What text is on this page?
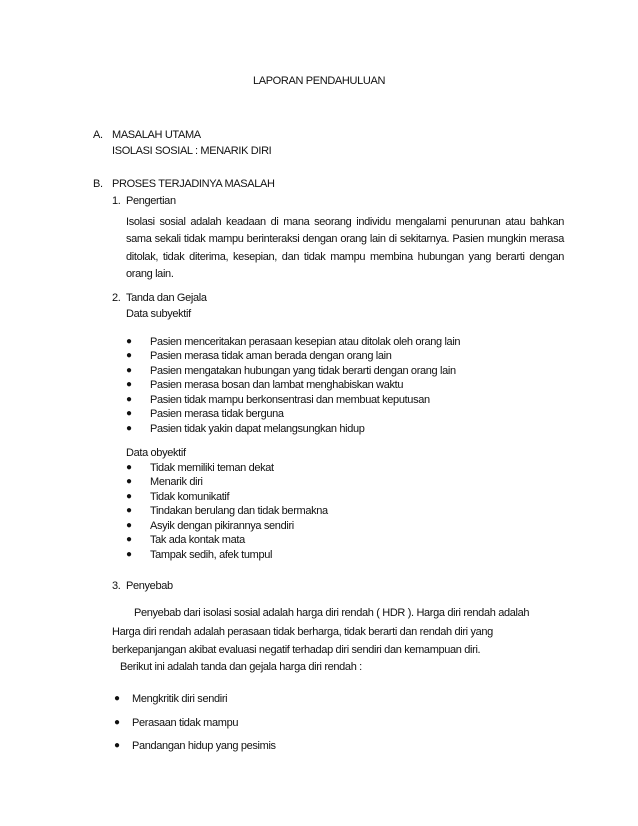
LAPORAN PENDAHULUAN
A. MASALAH UTAMA
ISOLASI SOSIAL : MENARIK DIRI
B. PROSES TERJADINYA MASALAH
1. Pengertian
Isolasi sosial adalah keadaan di mana seorang individu mengalami penurunan atau bahkan sama sekali tidak mampu berinteraksi dengan orang lain di sekitarnya. Pasien mungkin merasa ditolak, tidak diterima, kesepian, dan tidak mampu membina hubungan yang berarti dengan orang lain.
2. Tanda dan Gejala
Data subyektif
● Pasien menceritakan perasaan kesepian atau ditolak oleh orang lain
● Pasien merasa tidak aman berada dengan orang lain
● Pasien mengatakan hubungan yang tidak berarti dengan orang lain
● Pasien merasa bosan dan lambat menghabiskan waktu
● Pasien tidak mampu berkonsentrasi dan membuat keputusan
● Pasien merasa tidak berguna
● Pasien tidak yakin dapat melangsungkan hidup
Data obyektif
● Tidak memiliki teman dekat
● Menarik diri
● Tidak komunikatif
● Tindakan berulang dan tidak bermakna
● Asyik dengan pikirannya sendiri
● Tak ada kontak mata
● Tampak sedih, afek tumpul
3. Penyebab
Penyebab dari isolasi sosial adalah harga diri rendah ( HDR ). Harga diri rendah adalah Harga diri rendah adalah perasaan tidak berharga, tidak berarti dan rendah diri yang berkepanjangan akibat evaluasi negatif terhadap diri sendiri dan kemampuan diri.
Berikut ini adalah tanda dan gejala harga diri rendah :
● Mengkritik diri sendiri
● Perasaan tidak mampu
● Pandangan hidup yang pesimis
